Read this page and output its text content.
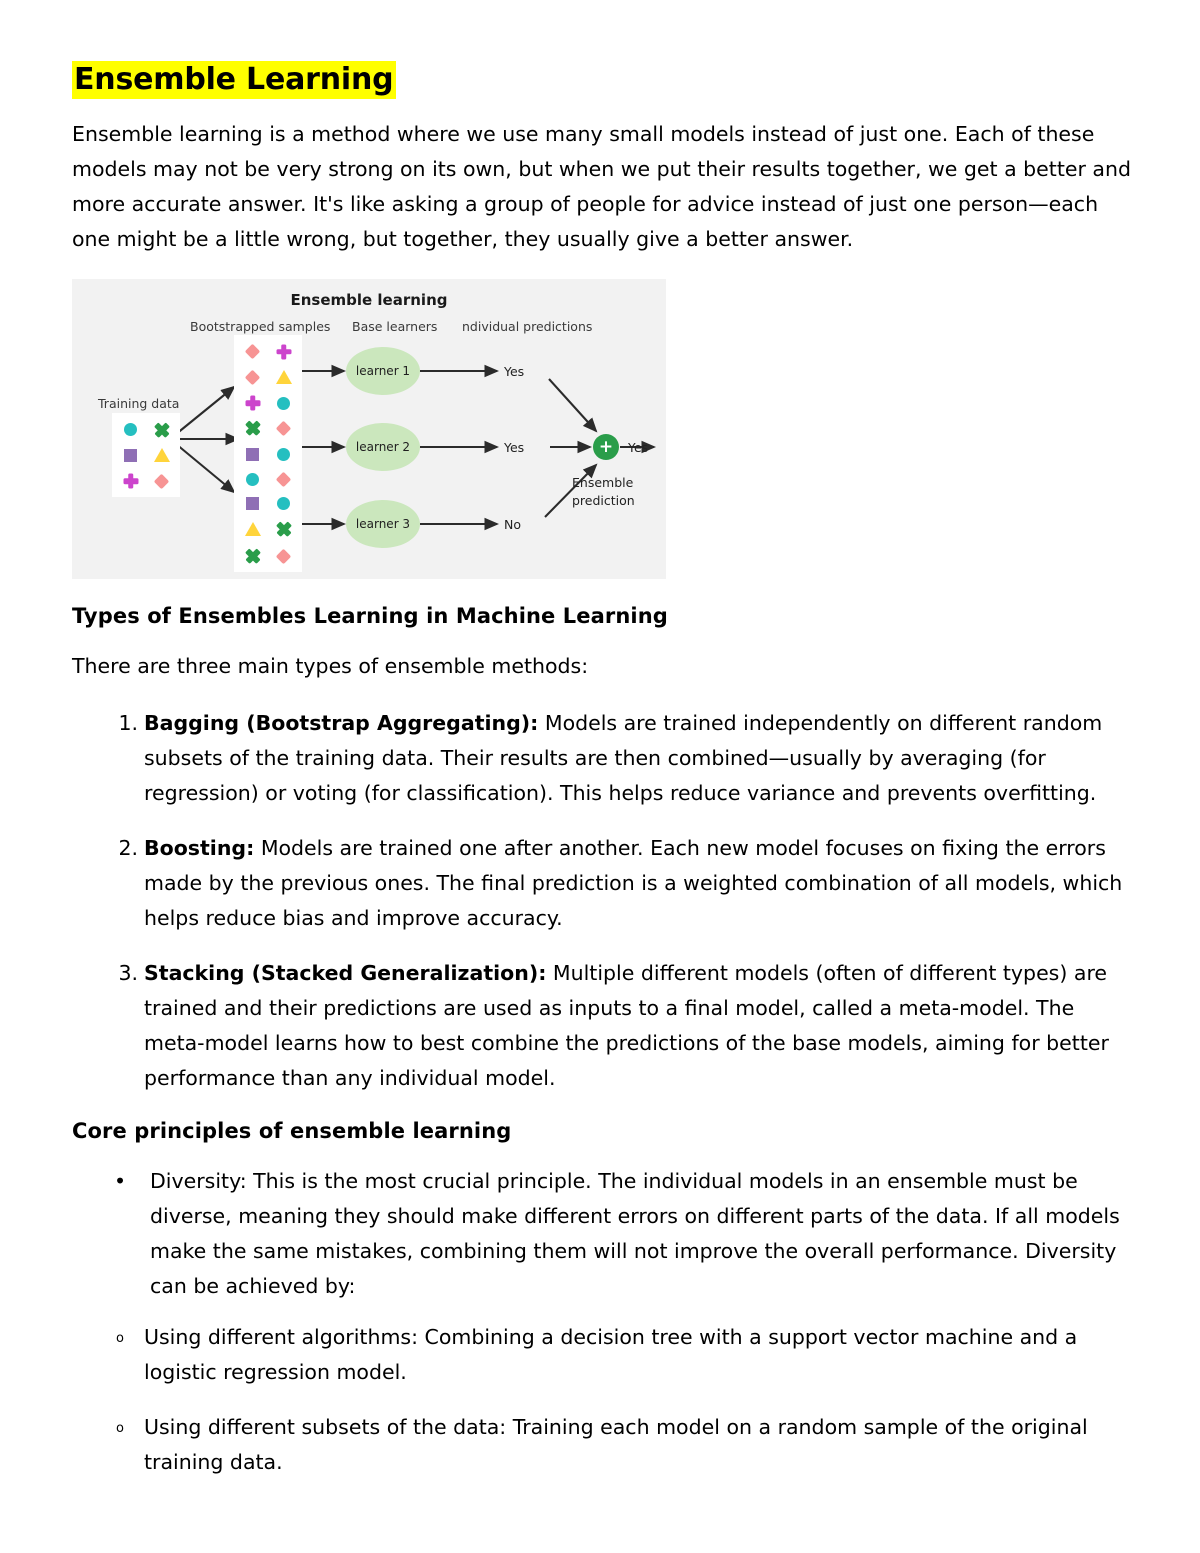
Ensemble Learning

Ensemble learning is a method where we use many small models instead of just one. Each of these models may not be very strong on its own, but when we put their results together, we get a better and more accurate answer. It's like asking a group of people for advice instead of just one person—each one might be a little wrong, but together, they usually give a better answer.

Ensemble learning
Bootstrapped samples Base learners ndividual predictions
Training data
learner 1
learner 2
learner 3
Yes
Yes
No
+	Yes
Ensemble
prediction
Types of Ensembles Learning in Machine Learning

There are three main types of ensemble methods:

1. Bagging (Bootstrap Aggregating): Models are trained independently on different random subsets of the training data. Their results are then combined—usually by averaging (for regression) or voting (for classification). This helps reduce variance and prevents overfitting.
2. Boosting: Models are trained one after another. Each new model focuses on fixing the errors made by the previous ones. The final prediction is a weighted combination of all models, which helps reduce bias and improve accuracy.
3. Stacking (Stacked Generalization): Multiple different models (often of different types) are trained and their predictions are used as inputs to a final model, called a meta-model. The meta-model learns how to best combine the predictions of the base models, aiming for better performance than any individual model.
Core principles of ensemble learning
• Diversity: This is the most crucial principle. The individual models in an ensemble must be diverse, meaning they should make different errors on different parts of the data. If all models make the same mistakes, combining them will not improve the overall performance. Diversity can be achieved by:
o Using different algorithms: Combining a decision tree with a support vector machine and a logistic regression model.
o Using different subsets of the data: Training each model on a random sample of the original training data.
